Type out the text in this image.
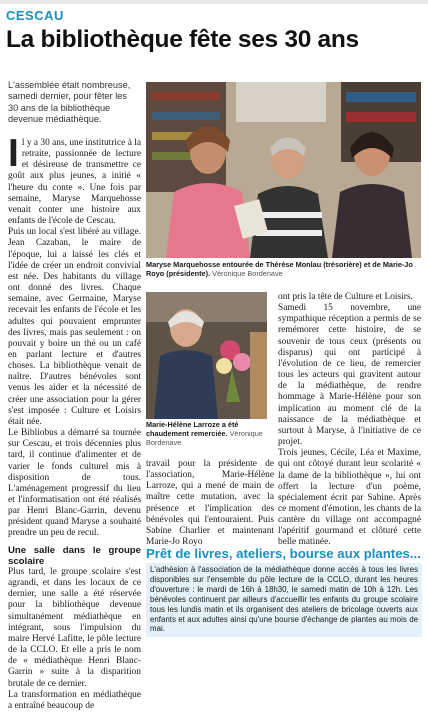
CESCAU
La bibliothèque fête ses 30 ans
L'assemblée était nombreuse, samedi dernier, pour fêter les 30 ans de la bibliothèque devenue médiathèque.

Il y a 30 ans, une institutrice à la retraite, passionnée de lecture et désireuse de transmettre ce goût aux plus jeunes, a initié « l'heure du conte ». Une fois par semaine, Maryse Marquehosse venait conter une histoire aux enfants de l'école de Cescau.

Puis un local s'est libéré au village. Jean Cazaban, le maire de l'époque, lui a laissé les clés et l'idée de créer un endroit convivial est née. Des habitants du village ont donné des livres. Chaque semaine, avec Germaine, Maryse recevait les enfants de l'école et les adultes qui pouvaient emprunter des livres, mais pas seulement : on pouvait y boire un thé ou un café en parlant lecture et d'autres choses. La bibliothèque venait de naître. D'autres bénévoles sont venus les aider et la nécessité de créer une association pour la gérer s'est imposée : Culture et Loisirs était née.

Le Bibliobus a démarré sa tournée sur Cescau, et trois décennies plus tard, il continue d'alimenter et de varier le fonds culturel mis à disposition de tous. L'aménagement progressif du lieu et l'informatisation ont été réalisés par Henri Blanc-Garrin, devenu président quand Maryse a souhaité prendre un peu de recul.

Une salle dans le groupe scolaire

Plus tard, le groupe scolaire s'est agrandi, et dans les locaux de ce dernier, une salle a été réservée pour la bibliothèque devenue simultanément médiathèque en intégrant, sous l'impulsion du maire Hervé Lafitte, le pôle lecture de la CCLO. Et elle a pris le nom de « médiathèque Henri Blanc-Garrin » suite à la disparition brutale de ce dernier.

La transformation en médiathèque a entraîné beaucoup de

Maryse Marquehosse entourée de Thérèse Monlau (trésorière) et de Marie-Jo Royo (présidente). Véronique Bordenave
Marie-Hélène Larroze a été chaudement remerciée. Véronique Bordenave

travail pour la présidente de l'association, Marie-Hélène Larroze, qui a mené de main de maître cette mutation, avec la présence et l'implication des bénévoles qui l'entouraient. Puis Sabine Charlier et maintenant Marie-Jo Royo

ont pris la tête de Culture et Loisirs.

Samedi 15 novembre, une sympathique réception a permis de se remémorer cette histoire, de se souvenir de tous ceux (présents ou disparus) qui ont participé à l'évolution de ce lieu, de remercier tous les acteurs qui gravitent autour de la médiathèque, de rendre hommage à Marie-Hélène pour son implication au moment clé de la naissance de la médiathèque et surtout à Maryse, à l'initiative de ce projet.

Trois jeunes, Cécile, Léa et Maxime, qui ont côtoyé durant leur scolarité « la dame de la bibliothèque », lui ont offert la lecture d'un poème, spécialement écrit par Sabine. Après ce moment d'émotion, les chants de la cantère du village ont accompagné l'apéritif gourmand et clôturé cette belle matinée.

Prêt de livres, ateliers, bourse aux plantes...
L'adhésion à l'association de la médiathèque donne accès à tous les livres disponibles sur l'ensemble du pôle lecture de la CCLO, durant les heures d'ouverture : le mardi de 16h à 18h30, le samedi matin de 10h à 12h. Les bénévoles continuent par ailleurs d'accueillir les enfants du groupe scolaire tous les lundis matin et ils organisent des ateliers de bricolage ouverts aux enfants et aux adultes ainsi qu'une bourse d'échange de plantes au mois de mai.
